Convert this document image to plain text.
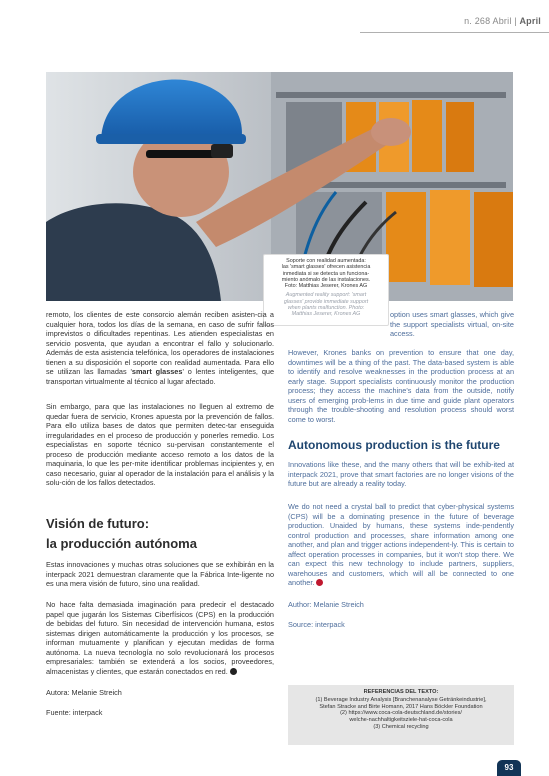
n. 268 Abril | April
Soporte con realidad aumentada:
las 'smart glasses' ofrecen asistencia
inmediata si se detecta un funciona-
miento anómalo de las instalaciones.
Foto: Matthias Jeserer, Krones AG
Augmented reality support: 'smart
glasses' provide immediate support
when plants malfunction. Photo:
Matthias Jeserer, Krones AG

remoto, los clientes de este consorcio alemán reciben asisten-cia a cualquier hora, todos los días de la semana, en caso de sufrir fallos imprevistos o dificultades repentinas. Les atienden especialistas en servicio posventa, que ayudan a encontrar el fallo y solucionarlo. Además de esta asistencia telefónica, los operadores de instalaciones tienen a su disposición el soporte con realidad aumentada. Para ello se utilizan las llamadas 'smart glasses' o lentes inteligentes, que transportan virtualmente al técnico al lugar afectado.

Sin embargo, para que las instalaciones no lleguen al extremo de quedar fuera de servicio, Krones apuesta por la prevención de fallos. Para ello utiliza bases de datos que permiten detec-tar enseguida irregularidades en el proceso de producción y ponerles remedio. Los especialistas en soporte técnico su-pervisan constantemente el proceso de producción mediante acceso remoto a los datos de la maquinaria, lo que les per-mite identificar problemas incipientes y, en caso necesario, guiar al operador de la instalación para el análisis y la solu-ción de los fallos detectados.

Visión de futuro:
la producción autónoma

Estas innovaciones y muchas otras soluciones que se exhibirán en la interpack 2021 demuestran claramente que la Fábrica Inte-ligente no es una mera visión de futuro, sino una realidad.

No hace falta demasiada imaginación para predecir el destacado papel que jugarán los Sistemas Ciberfísicos (CPS) en la producción de bebidas del futuro. Sin necesidad de intervención humana, estos sistemas dirigen automáticamente la producción y los procesos, se informan mutuamente y planifican y ejecutan medidas de forma autónoma. La nueva tecnología no solo revolucionará los procesos empresariales: también se extenderá a los socios, proveedores, almacenistas y clientes, que estarán conectados en red.

Autora: Melanie Streich
Fuente: interpack

option uses smart glasses, which give the support specialists virtual, on-site access.

However, Krones banks on prevention to ensure that one day, downtimes will be a thing of the past. The data-based system is able to identify and resolve weaknesses in the production process at an early stage. Support specialists continuously monitor the production process; they access the machine's data from the outside, notify users of emerging prob-lems in due time and guide plant operators through the trouble-shooting and resolution process should worst come to worst.

Autonomous production is the future

Innovations like these, and the many others that will be exhib-ited at interpack 2021, prove that smart factories are no longer visions of the future but are already a reality today.

We do not need a crystal ball to predict that cyber-physical systems (CPS) will be a dominating presence in the future of beverage production. Unaided by humans, these systems inde-pendently control production and processes, share information among one another, and plan and trigger actions independent-ly. This is certain to affect operation processes in companies, but it won't stop there. We can expect this new technology to include partners, suppliers, warehouses and customers, which will all be connected to one another.

Author: Melanie Streich
Source: interpack
REFERENCIAS DEL TEXTO:
(1) Beverage Industry Analysis [Branchenanalyse Getränkeindustrie],
Stefan Stracke and Birte Homann, 2017 Hans Böckler Foundation
(2) https://www.coca-cola-deutschland.de/stories/
welche-nachhaltigkeitsziele-hat-coca-cola
(3) Chemical recycling
93
